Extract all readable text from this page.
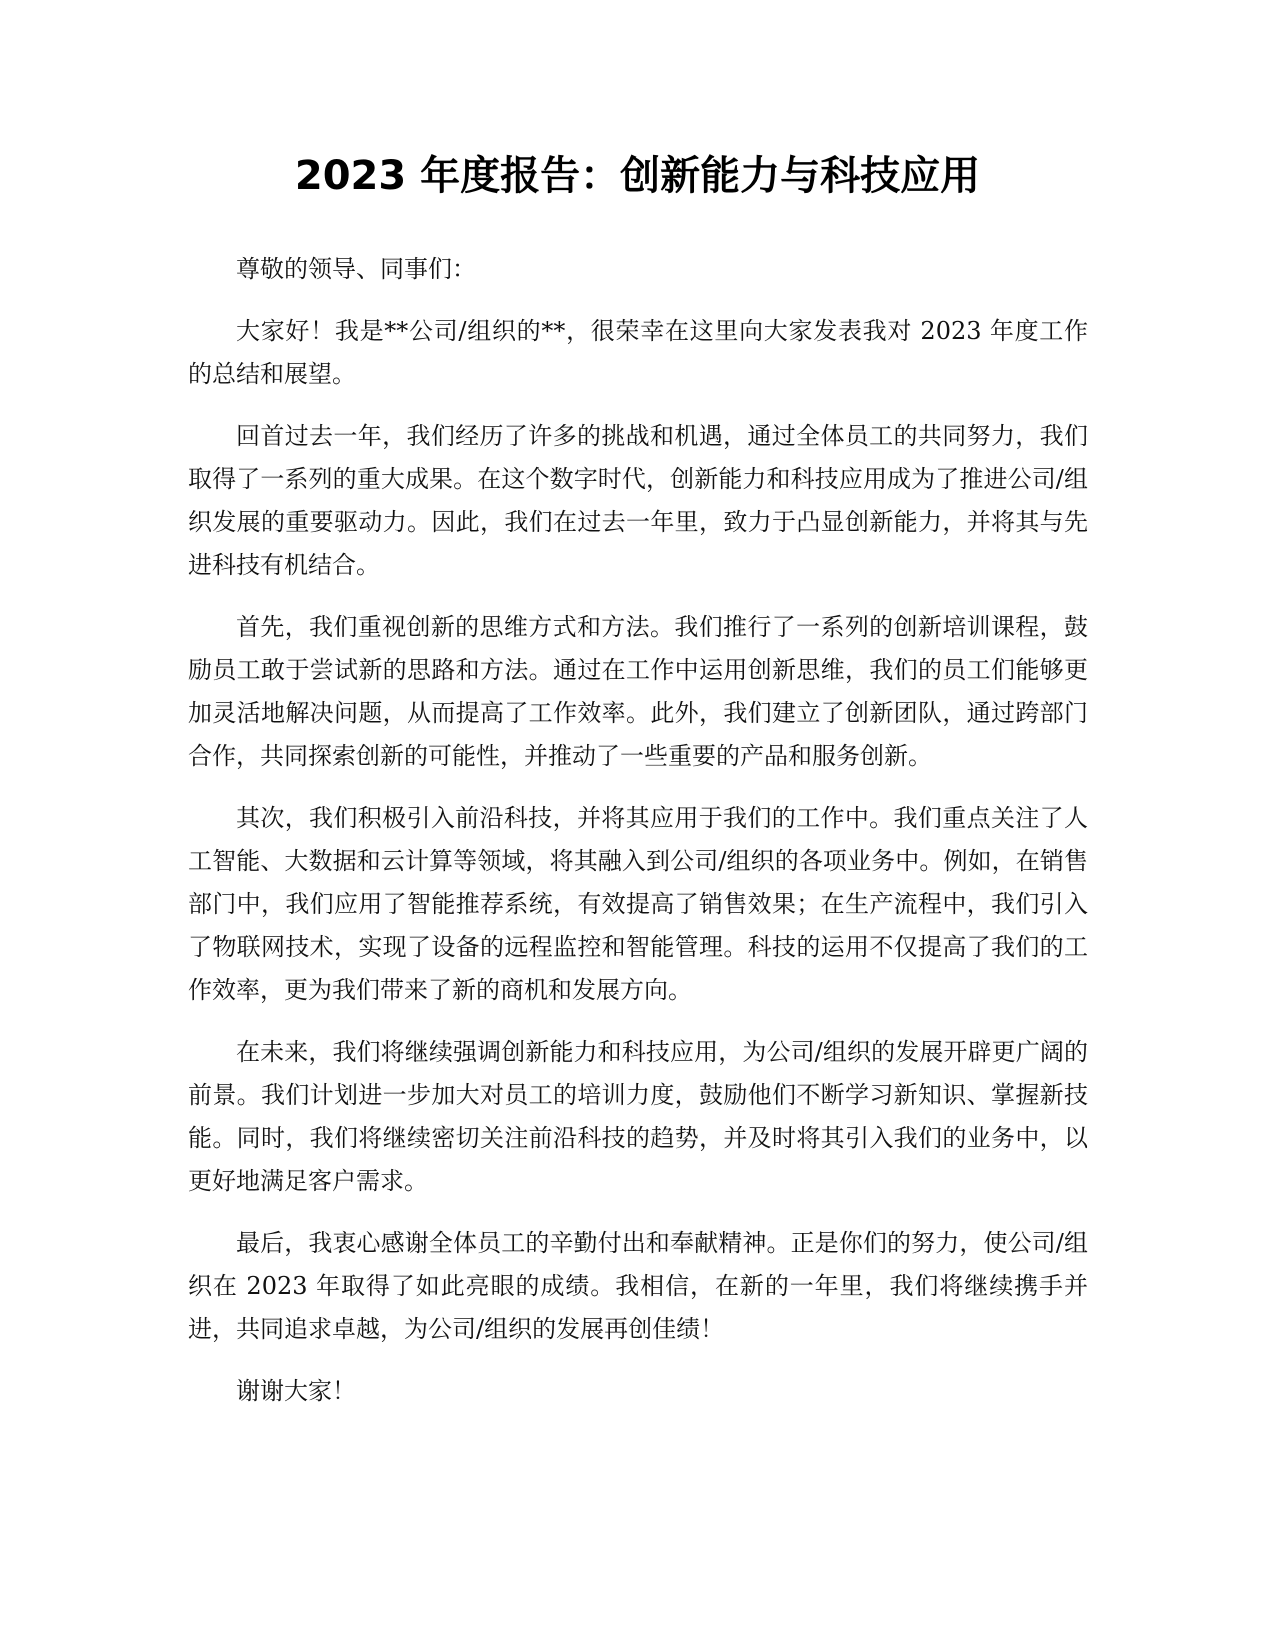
2023 年度报告：创新能力与科技应用

尊敬的领导、同事们：

大家好！我是**公司/组织的**，很荣幸在这里向大家发表我对 2023 年度工作的总结和展望。

回首过去一年，我们经历了许多的挑战和机遇，通过全体员工的共同努力，我们取得了一系列的重大成果。在这个数字时代，创新能力和科技应用成为了推进公司/组织发展的重要驱动力。因此，我们在过去一年里，致力于凸显创新能力，并将其与先进科技有机结合。

首先，我们重视创新的思维方式和方法。我们推行了一系列的创新培训课程，鼓励员工敢于尝试新的思路和方法。通过在工作中运用创新思维，我们的员工们能够更加灵活地解决问题，从而提高了工作效率。此外，我们建立了创新团队，通过跨部门合作，共同探索创新的可能性，并推动了一些重要的产品和服务创新。

其次，我们积极引入前沿科技，并将其应用于我们的工作中。我们重点关注了人工智能、大数据和云计算等领域，将其融入到公司/组织的各项业务中。例如，在销售部门中，我们应用了智能推荐系统，有效提高了销售效果；在生产流程中，我们引入了物联网技术，实现了设备的远程监控和智能管理。科技的运用不仅提高了我们的工作效率，更为我们带来了新的商机和发展方向。

在未来，我们将继续强调创新能力和科技应用，为公司/组织的发展开辟更广阔的前景。我们计划进一步加大对员工的培训力度，鼓励他们不断学习新知识、掌握新技能。同时，我们将继续密切关注前沿科技的趋势，并及时将其引入我们的业务中，以更好地满足客户需求。

最后，我衷心感谢全体员工的辛勤付出和奉献精神。正是你们的努力，使公司/组织在 2023 年取得了如此亮眼的成绩。我相信，在新的一年里，我们将继续携手并进，共同追求卓越，为公司/组织的发展再创佳绩！

谢谢大家！
